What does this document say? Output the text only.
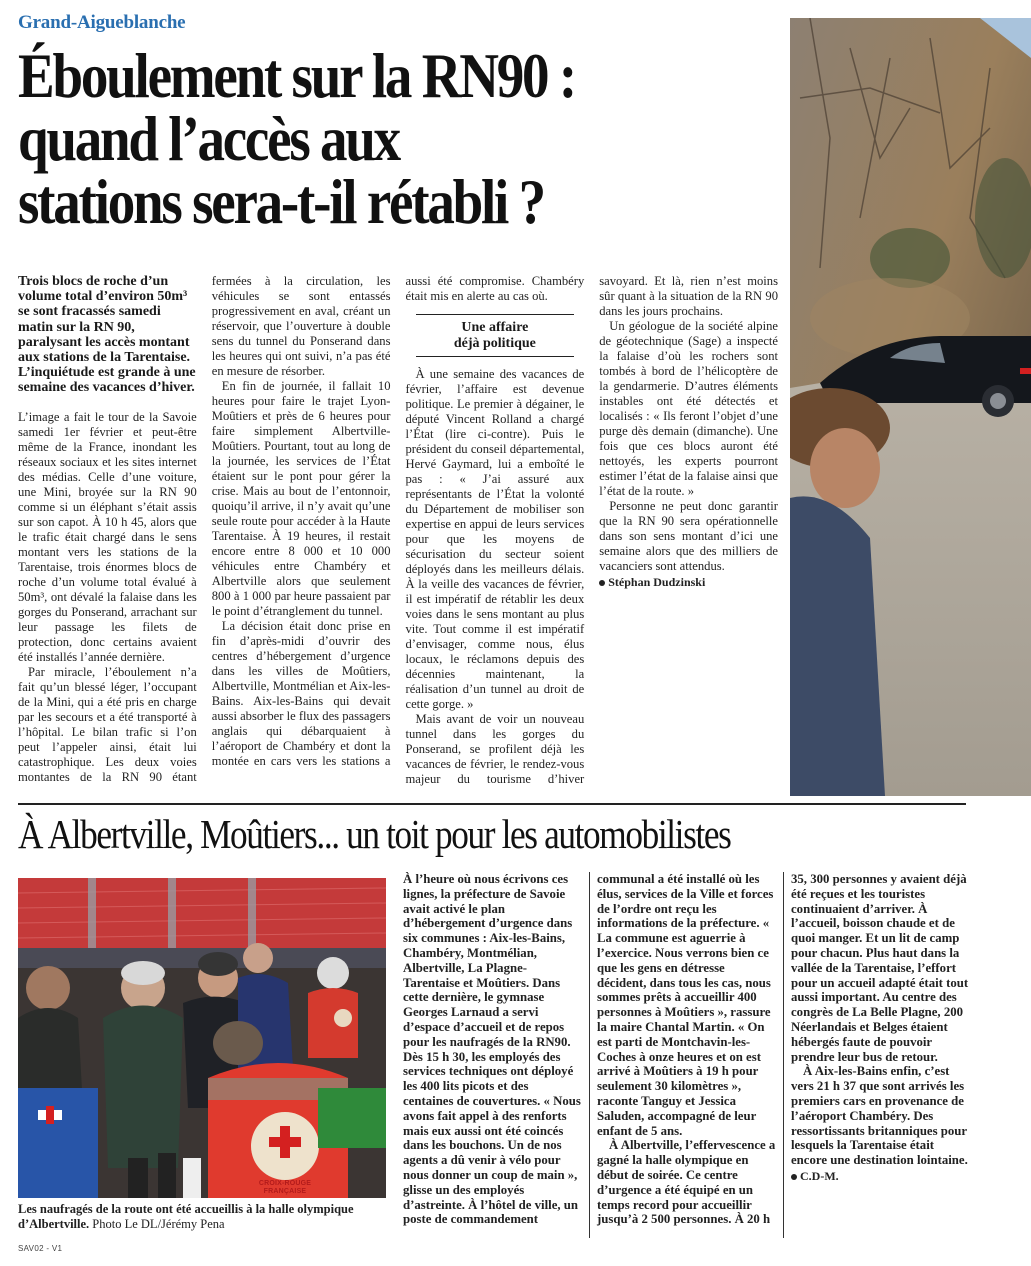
Grand-Aigueblanche
Éboulement sur la RN90 :
quand l’accès aux
stations sera-t-il rétabli ?
Trois blocs de roche d’un volume total d’environ 50m³ se sont fracassés samedi matin sur la RN 90, paralysant les accès montant aux stations de la Tarentaise. L’inquiétude est grande à une semaine des vacances d’hiver.

L’image a fait le tour de la Savoie samedi 1er février et peut-être même de la France, inondant les réseaux sociaux et les sites internet des médias. Celle d’une voiture, une Mini, broyée sur la RN 90 comme si un éléphant s’était assis sur son capot. À 10 h 45, alors que le trafic était chargé dans le sens montant vers les stations de la Tarentaise, trois énormes blocs de roche d’un volume total évalué à 50m³, ont dévalé la falaise dans les gorges du Ponserand, arrachant sur leur passage les filets de protection, donc certains avaient été installés l’année dernière.

Par miracle, l’éboulement n’a fait qu’un blessé léger, l’occupant de la Mini, qui a été pris en charge par les secours et a été transporté à l’hôpital. Le bilan trafic si l’on peut l’appeler ainsi, était lui catastrophique. Les deux voies montantes de la RN 90 étant fermées à la circulation, les véhicules se sont entassés progressivement en aval, créant un réservoir, que l’ouverture à double sens du tunnel du Ponserand dans les heures qui ont suivi, n’a pas été en mesure de résorber.

En fin de journée, il fallait 10 heures pour faire le trajet Lyon-Moûtiers et près de 6 heures pour faire simplement Albertville-Moûtiers. Pourtant, tout au long de la journée, les services de l’État étaient sur le pont pour gérer la crise. Mais au bout de l’entonnoir, quoiqu’il arrive, il n’y avait qu’une seule route pour accéder à la Haute Tarentaise. À 19 heures, il restait encore entre 8 000 et 10 000 véhicules entre Chambéry et Albertville alors que seulement 800 à 1 000 par heure passaient par le point d’étranglement du tunnel.

La décision était donc prise en fin d’après-midi d’ouvrir des centres d’hébergement d’urgence dans les villes de Moûtiers, Albertville, Montmélian et Aix-les-Bains. Aix-les-Bains qui devait aussi absorber le flux des passagers anglais qui débarquaient à l’aéroport de Chambéry et dont la montée en cars vers les stations a aussi été compromise. Chambéry était mis en alerte au cas où.

Une affaire
déjà politique

À une semaine des vacances de février, l’affaire est devenue politique. Le premier à dégainer, le député Vincent Rolland a chargé l’État (lire ci-contre). Puis le président du conseil départemental, Hervé Gaymard, lui a emboîté le pas : « J’ai assuré aux représentants de l’État la volonté du Département de mobiliser son expertise en appui de leurs services pour que les moyens de sécurisation du secteur soient déployés dans les meilleurs délais. À la veille des vacances de février, il est impératif de rétablir les deux voies dans le sens montant au plus vite. Tout comme il est impératif d’envisager, comme nous, élus locaux, le réclamons depuis des décennies maintenant, la réalisation d’un tunnel au droit de cette gorge. »

Mais avant de voir un nouveau tunnel dans les gorges du Ponserand, se profilent déjà les vacances de février, le rendez-vous majeur du tourisme d’hiver savoyard. Et là, rien n’est moins sûr quant à la situation de la RN 90 dans les jours prochains.

Un géologue de la société alpine de géotechnique (Sage) a inspecté la falaise d’où les rochers sont tombés à bord de l’hélicoptère de la gendarmerie. D’autres éléments instables ont été détectés et localisés : « Ils feront l’objet d’une purge dès demain (dimanche). Une fois que ces blocs auront été nettoyés, les experts pourront estimer l’état de la falaise ainsi que l’état de la route. »

Personne ne peut donc garantir que la RN 90 sera opérationnelle dans son sens montant d’ici une semaine alors que des milliers de vacanciers sont attendus.

Stéphan Dudzinski
À Albertville, Moûtiers... un toit pour les automobilistes
CROIX-ROUGE FRANÇAISE
Les naufragés de la route ont été accueillis à la halle olympique d’Albertville. Photo Le DL/Jérémy Pena
SAV02 - V1

À l’heure où nous écrivons ces lignes, la préfecture de Savoie avait activé le plan d’hébergement d’urgence dans six communes : Aix-les-Bains, Chambéry, Montmélian, Albertville, La Plagne-Tarentaise et Moûtiers. Dans cette dernière, le gymnase Georges Larnaud a servi d’espace d’accueil et de repos pour les naufragés de la RN90. Dès 15 h 30, les employés des services techniques ont déployé les 400 lits picots et des centaines de couvertures. « Nous avons fait appel à des renforts mais eux aussi ont été coincés dans les bouchons. Un de nos agents a dû venir à vélo pour nous donner un coup de main », glisse un des employés d’astreinte. À l’hôtel de ville, un poste de commandement communal a été installé où les élus, services de la Ville et forces de l’ordre ont reçu les informations de la préfecture. « La commune est aguerrie à l’exercice. Nous verrons bien ce que les gens en détresse décident, dans tous les cas, nous sommes prêts à accueillir 400 personnes à Moûtiers », rassure la maire Chantal Martin. « On est parti de Montchavin-les-Coches à onze heures et on est arrivé à Moûtiers à 19 h pour seulement 30 kilomètres », raconte Tanguy et Jessica Saluden, accompagné de leur enfant de 5 ans.

À Albertville, l’effervescence a gagné la halle olympique en début de soirée. Ce centre d’urgence a été équipé en un temps record pour accueillir jusqu’à 2 500 personnes. À 20 h 35, 300 personnes y avaient déjà été reçues et les touristes continuaient d’arriver. À l’accueil, boisson chaude et de quoi manger. Et un lit de camp pour chacun. Plus haut dans la vallée de la Tarentaise, l’effort pour un accueil adapté était tout aussi important. Au centre des congrès de La Belle Plagne, 200 Néerlandais et Belges étaient hébergés faute de pouvoir prendre leur bus de retour.

À Aix-les-Bains enfin, c’est vers 21 h 37 que sont arrivés les premiers cars en provenance de l’aéroport Chambéry. Des ressortissants britanniques pour lesquels la Tarentaise était encore une destination lointaine.

C.D-M.
